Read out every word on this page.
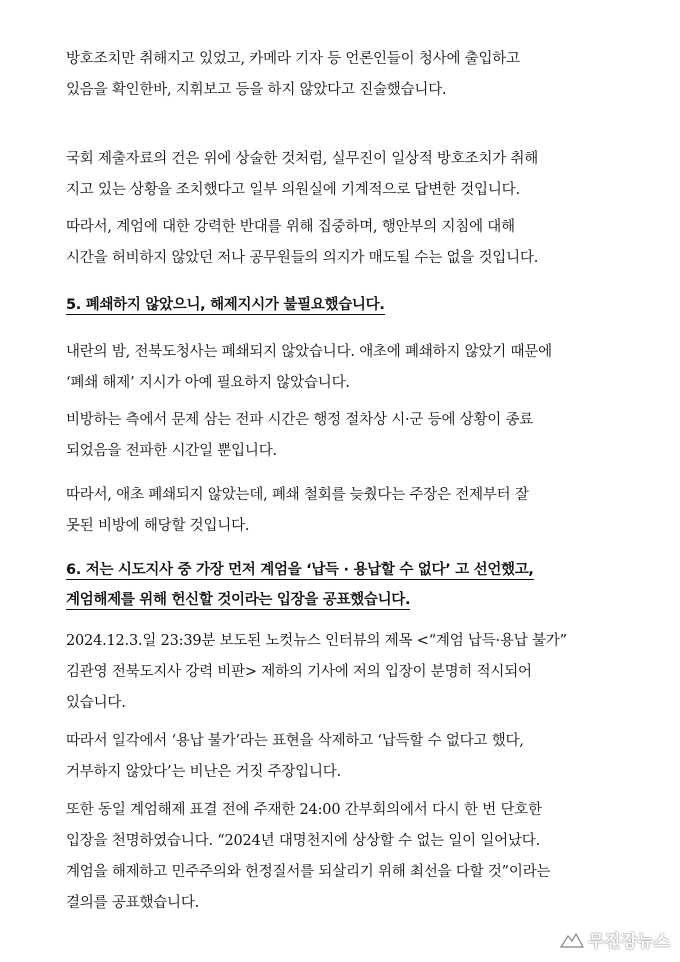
방호조치만 취해지고 있었고, 카메라 기자 등 언론인들이 청사에 출입하고
있음을 확인한바, 지휘보고 등을 하지 않았다고 진술했습니다.

국회 제출자료의 건은 위에 상술한 것처럼, 실무진이 일상적 방호조치가 취해
지고 있는 상황을 조치했다고 일부 의원실에 기계적으로 답변한 것입니다.

따라서, 계엄에 대한 강력한 반대를 위해 집중하며, 행안부의 지침에 대해
시간을 허비하지 않았던 저나 공무원들의 의지가 매도될 수는 없을 것입니다.

5. 폐쇄하지 않았으니, 해제지시가 불필요했습니다.

내란의 밤, 전북도청사는 폐쇄되지 않았습니다. 애초에 폐쇄하지 않았기 때문에
‘폐쇄 해제’ 지시가 아예 필요하지 않았습니다.

비방하는 측에서 문제 삼는 전파 시간은 행정 절차상 시·군 등에 상황이 종료
되었음을 전파한 시간일 뿐입니다.

따라서, 애초 폐쇄되지 않았는데, 폐쇄 철회를 늦췄다는 주장은 전제부터 잘
못된 비방에 해당할 것입니다.

6. 저는 시도지사 중 가장 먼저 계엄을 ‘납득 · 용납할 수 없다’ 고 선언했고,
계엄해제를 위해 헌신할 것이라는 입장을 공표했습니다.

2024.12.3.일 23:39분 보도된 노컷뉴스 인터뷰의 제목 <“계엄 납득·용납 불가”
김관영 전북도지사 강력 비판> 제하의 기사에 저의 입장이 분명히 적시되어
있습니다.

따라서 일각에서 ‘용납 불가’라는 표현을 삭제하고 ‘납득할 수 없다고 했다,
거부하지 않았다’는 비난은 거짓 주장입니다.

또한 동일 계엄해제 표결 전에 주재한 24:00 간부회의에서 다시 한 번 단호한
입장을 천명하였습니다. “2024년 대명천지에 상상할 수 없는 일이 일어났다.
계엄을 해제하고 민주주의와 헌정질서를 되살리기 위해 최선을 다할 것”이라는
결의를 공표했습니다.

무진장뉴스
